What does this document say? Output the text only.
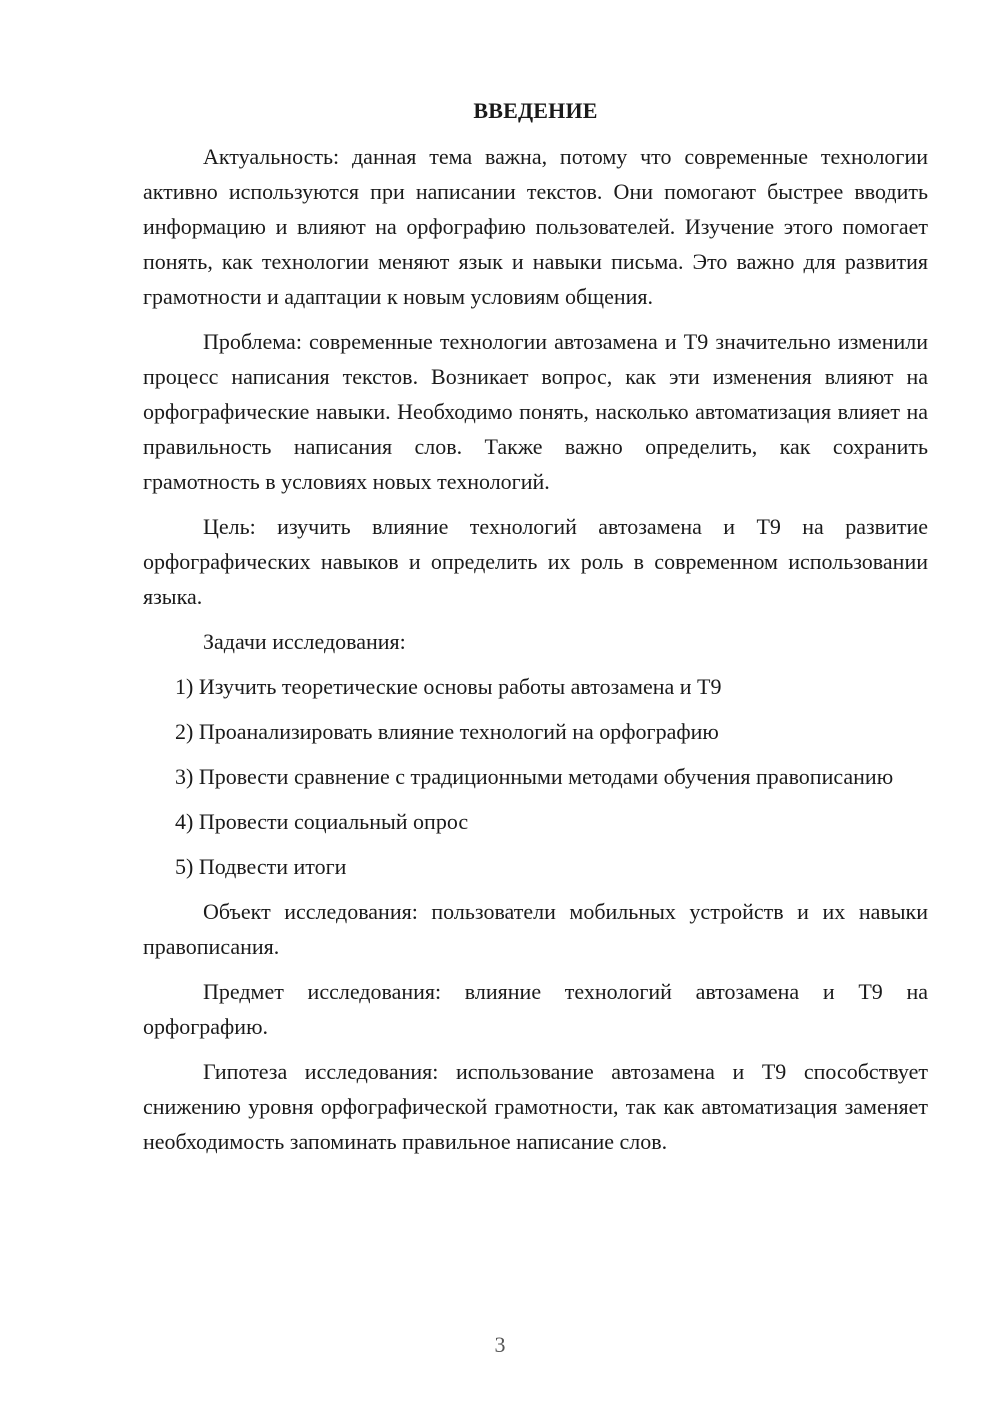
ВВЕДЕНИЕ

Актуальность: данная тема важна, потому что современные технологии активно используются при написании текстов. Они помогают быстрее вводить информацию и влияют на орфографию пользователей. Изучение этого помогает понять, как технологии меняют язык и навыки письма. Это важно для развития грамотности и адаптации к новым условиям общения.

Проблема: современные технологии автозамена и Т9 значительно изменили процесс написания текстов. Возникает вопрос, как эти изменения влияют на орфографические навыки. Необходимо понять, насколько автоматизация влияет на правильность написания слов. Также важно определить, как сохранить грамотность в условиях новых технологий.

Цель: изучить влияние технологий автозамена и Т9 на развитие орфографических навыков и определить их роль в современном использовании языка.

Задачи исследования:

1) Изучить теоретические основы работы автозамена и Т9

2) Проанализировать влияние технологий на орфографию

3) Провести сравнение с традиционными методами обучения правописанию

4) Провести социальный опрос

5) Подвести итоги

Объект исследования: пользователи мобильных устройств и их навыки правописания.

Предмет исследования: влияние технологий автозамена и Т9 на орфографию.

Гипотеза исследования: использование автозамена и Т9 способствует снижению уровня орфографической грамотности, так как автоматизация заменяет необходимость запоминать правильное написание слов.

3
